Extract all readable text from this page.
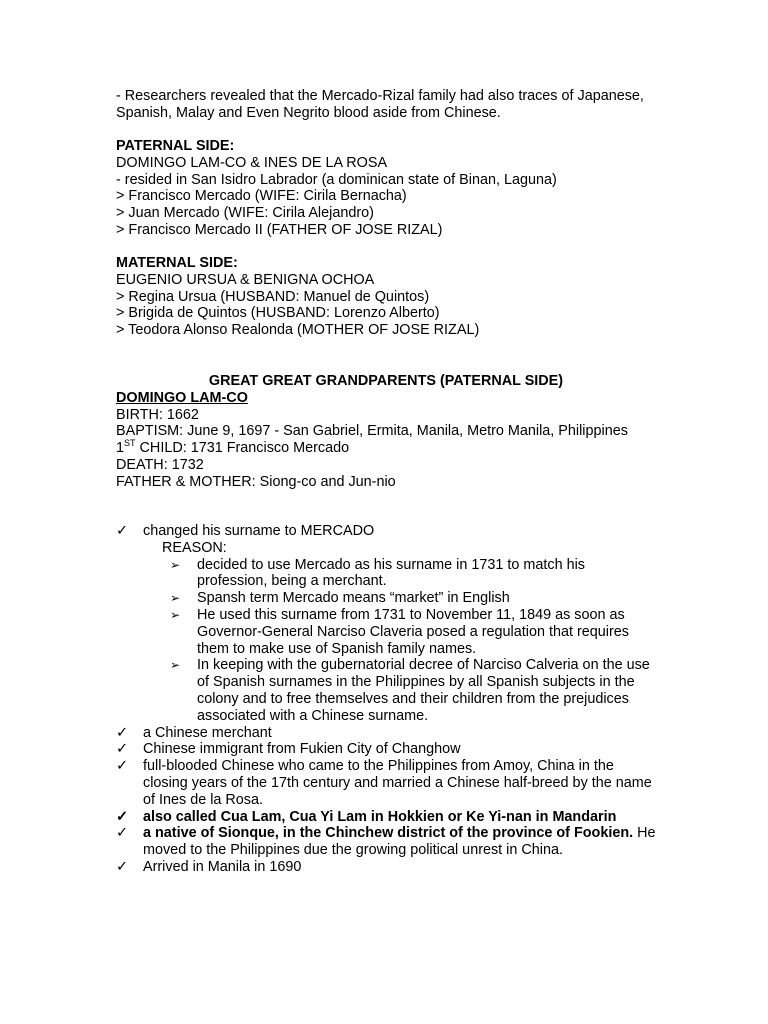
- Researchers revealed that the Mercado-Rizal family had also traces of Japanese, Spanish, Malay and Even Negrito blood aside from Chinese.

PATERNAL SIDE:

DOMINGO LAM-CO & INES DE LA ROSA

- resided in San Isidro Labrador (a dominican state of Binan, Laguna)

> Francisco Mercado (WIFE: Cirila Bernacha)

> Juan Mercado (WIFE: Cirila Alejandro)

> Francisco Mercado II (FATHER OF JOSE RIZAL)

MATERNAL SIDE:

EUGENIO URSUA & BENIGNA OCHOA

> Regina Ursua (HUSBAND: Manuel de Quintos)

> Brigida de Quintos (HUSBAND: Lorenzo Alberto)

> Teodora Alonso Realonda (MOTHER OF JOSE RIZAL)

GREAT GREAT GRANDPARENTS (PATERNAL SIDE)

DOMINGO LAM-CO

BIRTH: 1662

BAPTISM: June 9, 1697 - San Gabriel, Ermita, Manila, Metro Manila, Philippines

1ST CHILD: 1731 Francisco Mercado

DEATH: 1732

FATHER & MOTHER: Siong-co and Jun-nio

✓ changed his surname to MERCADO
REASON:
➢ decided to use Mercado as his surname in 1731 to match his profession, being a merchant.
➢ Spansh term Mercado means “market” in English
➢ He used this surname from 1731 to November 11, 1849 as soon as Governor-General Narciso Claveria posed a regulation that requires them to make use of Spanish family names.
➢ In keeping with the gubernatorial decree of Narciso Calveria on the use of Spanish surnames in the Philippines by all Spanish subjects in the colony and to free themselves and their children from the prejudices associated with a Chinese surname.
✓ a Chinese merchant
✓ Chinese immigrant from Fukien City of Changhow
✓ full-blooded Chinese who came to the Philippines from Amoy, China in the closing years of the 17th century and married a Chinese half-breed by the name of Ines de la Rosa.
✓ also called Cua Lam, Cua Yi Lam in Hokkien or Ke Yi-nan in Mandarin
✓ a native of Sionque, in the Chinchew district of the province of Fookien. He moved to the Philippines due the growing political unrest in China.
✓ Arrived in Manila in 1690
